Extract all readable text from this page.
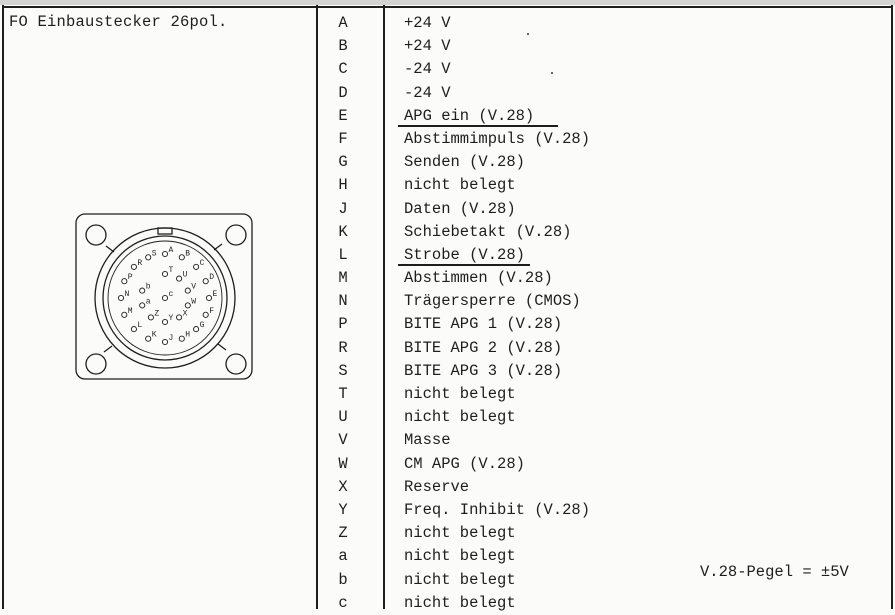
FO Einbaustecker 26pol.
A B
C
D
E
F
G
H
J
K
L
M
N
P
R
S
T
U
V
W
X
Y
Z
a
b
c
A
B
C
D
E
F
G
H
J
K
L
M
N
P
R
S
T
U
V
W
X
Y
Z
a
b
c
+24 V
+24 V
-24 V
-24 V
APG ein (V.28)
Abstimmimpuls (V.28)
Senden (V.28)
nicht belegt
Daten (V.28)
Schiebetakt (V.28)
Strobe (V.28)
Abstimmen (V.28)
Trägersperre (CMOS)
BITE APG 1 (V.28)
BITE APG 2 (V.28)
BITE APG 3 (V.28)
nicht belegt
nicht belegt
Masse
CM APG (V.28)
Reserve
Freq. Inhibit (V.28)
nicht belegt
nicht belegt
nicht belegt
nicht belegt
V.28-Pegel = ±5V
